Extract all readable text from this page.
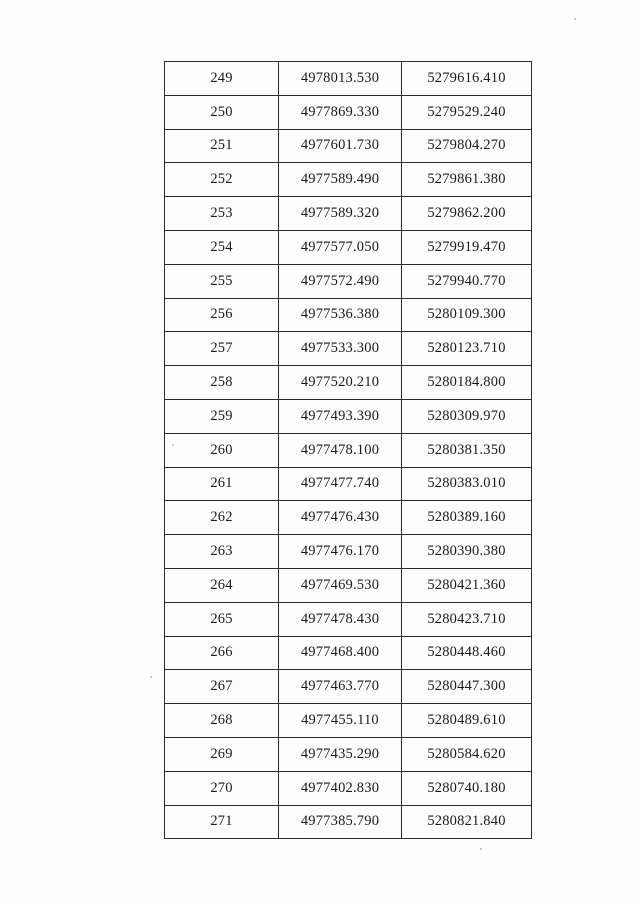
249	4978013.530	5279616.410
250	4977869.330	5279529.240
251	4977601.730	5279804.270
252	4977589.490	5279861.380
253	4977589.320	5279862.200
254	4977577.050	5279919.470
255	4977572.490	5279940.770
256	4977536.380	5280109.300
257	4977533.300	5280123.710
258	4977520.210	5280184.800
259	4977493.390	5280309.970
260	4977478.100	5280381.350
261	4977477.740	5280383.010
262	4977476.430	5280389.160
263	4977476.170	5280390.380
264	4977469.530	5280421.360
265	4977478.430	5280423.710
266	4977468.400	5280448.460
267	4977463.770	5280447.300
268	4977455.110	5280489.610
269	4977435.290	5280584.620
270	4977402.830	5280740.180
271	4977385.790	5280821.840
